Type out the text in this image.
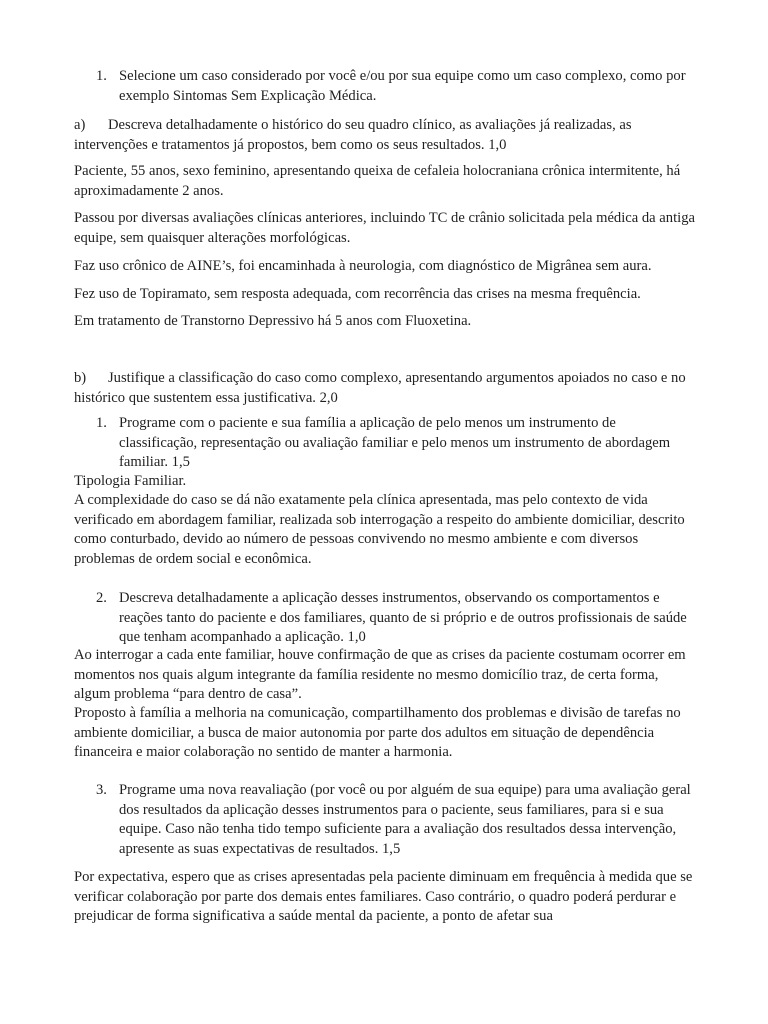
1. Selecione um caso considerado por você e/ou por sua equipe como um caso complexo, como por exemplo Sintomas Sem Explicação Médica.

a) Descreva detalhadamente o histórico do seu quadro clínico, as avaliações já realizadas, as intervenções e tratamentos já propostos, bem como os seus resultados. 1,0

Paciente, 55 anos, sexo feminino, apresentando queixa de cefaleia holocraniana crônica intermitente, há aproximadamente 2 anos.

Passou por diversas avaliações clínicas anteriores, incluindo TC de crânio solicitada pela médica da antiga equipe, sem quaisquer alterações morfológicas.

Faz uso crônico de AINE’s, foi encaminhada à neurologia, com diagnóstico de Migrânea sem aura.

Fez uso de Topiramato, sem resposta adequada, com recorrência das crises na mesma frequência.

Em tratamento de Transtorno Depressivo há 5 anos com Fluoxetina.

b) Justifique a classificação do caso como complexo, apresentando argumentos apoiados no caso e no histórico que sustentem essa justificativa. 2,0

1. Programe com o paciente e sua família a aplicação de pelo menos um instrumento de classificação, representação ou avaliação familiar e pelo menos um instrumento de abordagem familiar. 1,5

Tipologia Familiar.

A complexidade do caso se dá não exatamente pela clínica apresentada, mas pelo contexto de vida verificado em abordagem familiar, realizada sob interrogação a respeito do ambiente domiciliar, descrito como conturbado, devido ao número de pessoas convivendo no mesmo ambiente e com diversos problemas de ordem social e econômica.

2. Descreva detalhadamente a aplicação desses instrumentos, observando os comportamentos e reações tanto do paciente e dos familiares, quanto de si próprio e de outros profissionais de saúde que tenham acompanhado a aplicação. 1,0

Ao interrogar a cada ente familiar, houve confirmação de que as crises da paciente costumam ocorrer em momentos nos quais algum integrante da família residente no mesmo domicílio traz, de certa forma, algum problema “para dentro de casa”.

Proposto à família a melhoria na comunicação, compartilhamento dos problemas e divisão de tarefas no ambiente domiciliar, a busca de maior autonomia por parte dos adultos em situação de dependência financeira e maior colaboração no sentido de manter a harmonia.

3. Programe uma nova reavaliação (por você ou por alguém de sua equipe) para uma avaliação geral dos resultados da aplicação desses instrumentos para o paciente, seus familiares, para si e sua equipe. Caso não tenha tido tempo suficiente para a avaliação dos resultados dessa intervenção, apresente as suas expectativas de resultados. 1,5

Por expectativa, espero que as crises apresentadas pela paciente diminuam em frequência à medida que se verificar colaboração por parte dos demais entes familiares. Caso contrário, o quadro poderá perdurar e prejudicar de forma significativa a saúde mental da paciente, a ponto de afetar sua
